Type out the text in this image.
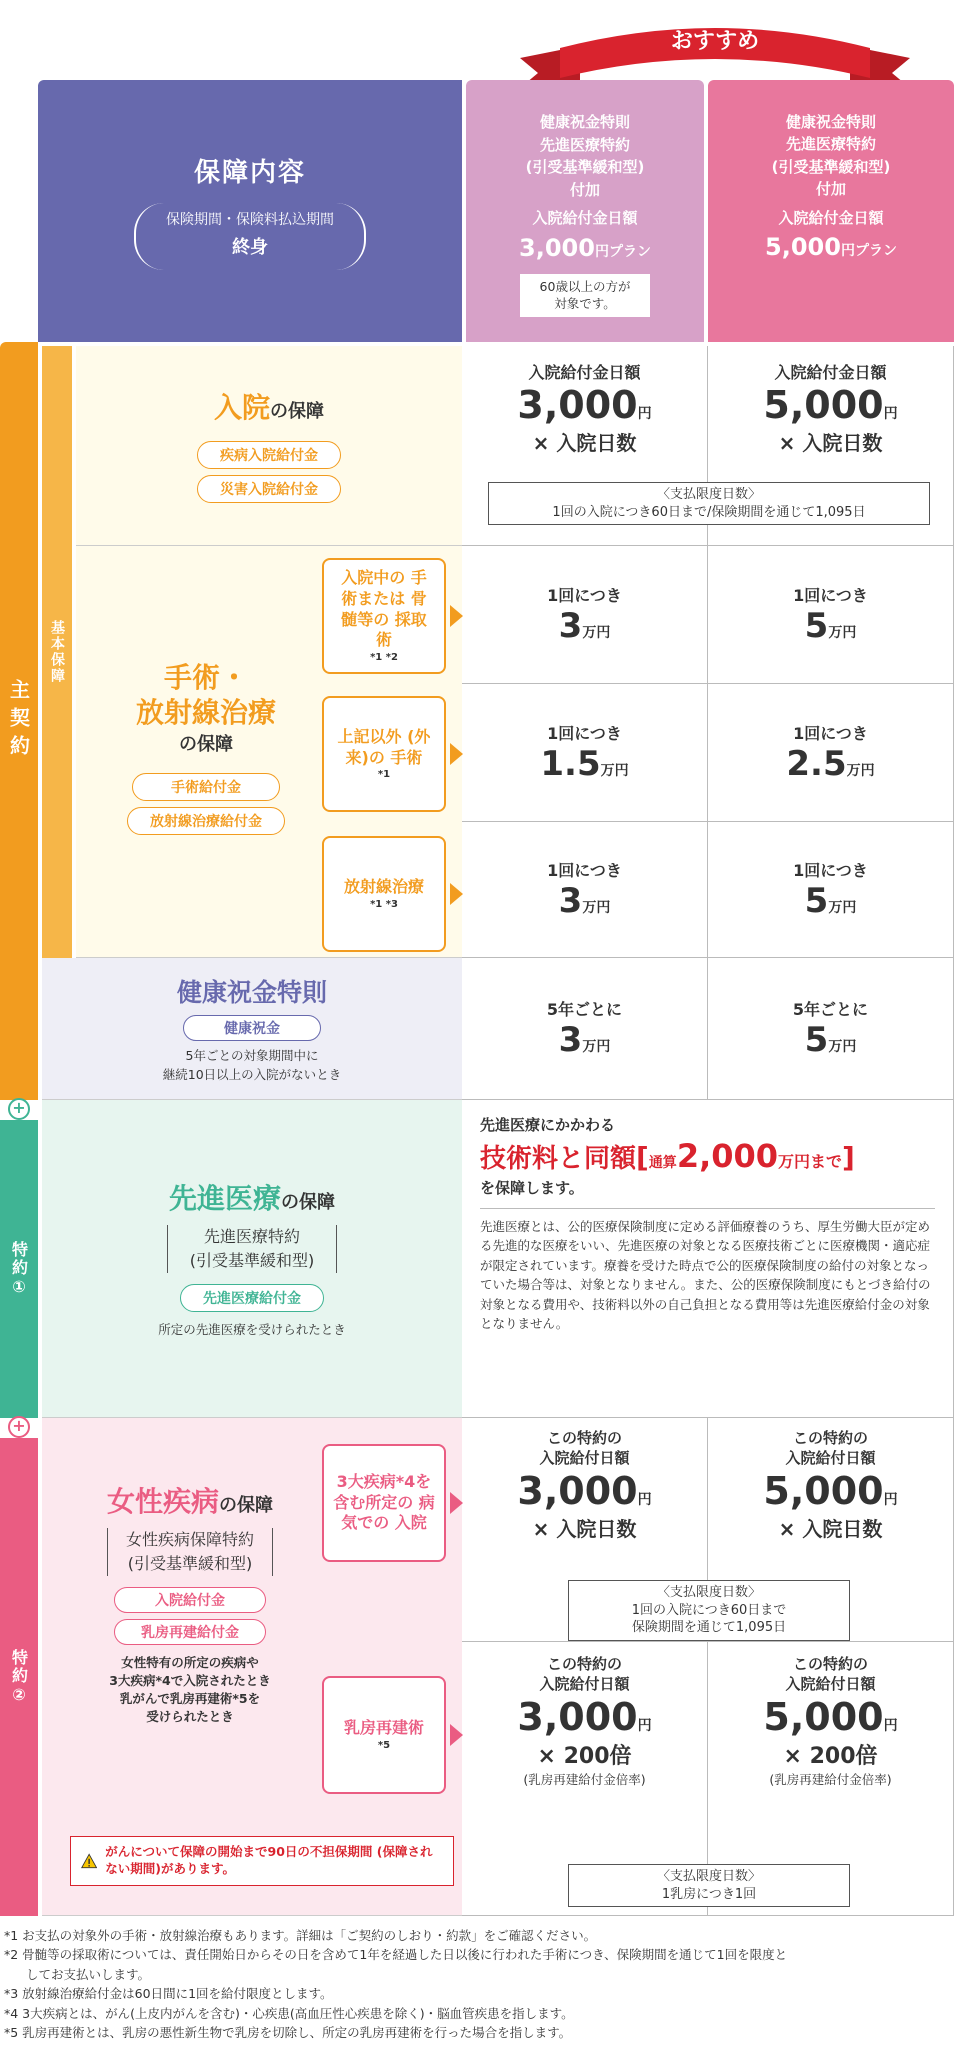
おすすめ
保障内容
保険期間・保険料払込期間
終身
健康祝金特則
先進医療特約
(引受基準緩和型)
付加
入院給付金日額
3,000円プラン
60歳以上の方が 対象です。
健康祝金特則
先進医療特約
(引受基準緩和型)
付加
入院給付金日額
5,000円プラン
主契約
基本保障
特約①
特約②
+
+
入院の保障
疾病入院給付金
災害入院給付金
入院給付金日額
3,000円
× 入院日数
入院給付金日額
5,000円
× 入院日数
〈支払限度日数〉
1回の入院につき60日まで/保険期間を通じて1,095日
手術・
放射線治療
の保障
手術給付金
放射線治療給付金
入院中の 手術または 骨髄等の 採取術
*1 *2
上記以外 (外来)の 手術
*1
放射線治療
*1 *3
1回につき
3万円
1回につき
5万円
1回につき
1.5万円
1回につき
2.5万円
1回につき
3万円
1回につき
5万円
健康祝金特則
健康祝金
5年ごとの対象期間中に
継続10日以上の入院がないとき
5年ごとに
3万円
5年ごとに
5万円
先進医療の保障
先進医療特約
(引受基準緩和型)
先進医療給付金
所定の先進医療を受けられたとき
先進医療にかかわる
技術料と同額[通算2,000万円まで]
を保障します。
先進医療とは、公的医療保険制度に定める評価療養のうち、厚生労働大臣が定める先進的な医療をいい、先進医療の対象となる医療技術ごとに医療機関・適応症が限定されています。療養を受けた時点で公的医療保険制度の給付の対象となっていた場合等は、対象となりません。また、公的医療保険制度にもとづき給付の対象となる費用や、技術料以外の自己負担となる費用等は先進医療給付金の対象となりません。
女性疾病の保障
女性疾病保障特約
(引受基準緩和型)
入院給付金
乳房再建給付金
女性特有の所定の疾病や
3大疾病*4で入院されたとき
乳がんで乳房再建術*5を
受けられたとき
3大疾病*4を 含む所定の 病気での 入院
乳房再建術
*5
がんについて保障の開始まで90日の不担保期間 (保障されない期間)があります。
この特約の
入院給付日額
3,000円
× 入院日数
この特約の
入院給付日額
5,000円
× 入院日数
〈支払限度日数〉
1回の入院につき60日まで
保険期間を通じて1,095日
この特約の
入院給付日額
3,000円
× 200倍
(乳房再建給付金倍率)
この特約の
入院給付日額
5,000円
× 200倍
(乳房再建給付金倍率)
〈支払限度日数〉
1乳房につき1回
*1 お支払の対象外の手術・放射線治療もあります。詳細は「ご契約のしおり・約款」をご確認ください。
*2 骨髄等の採取術については、責任開始日からその日を含めて1年を経過した日以後に行われた手術につき、保険期間を通じて1回を限度と
してお支払いします。
*3 放射線治療給付金は60日間に1回を給付限度とします。
*4 3大疾病とは、がん(上皮内がんを含む)・心疾患(高血圧性心疾患を除く)・脳血管疾患を指します。
*5 乳房再建術とは、乳房の悪性新生物で乳房を切除し、所定の乳房再建術を行った場合を指します。
